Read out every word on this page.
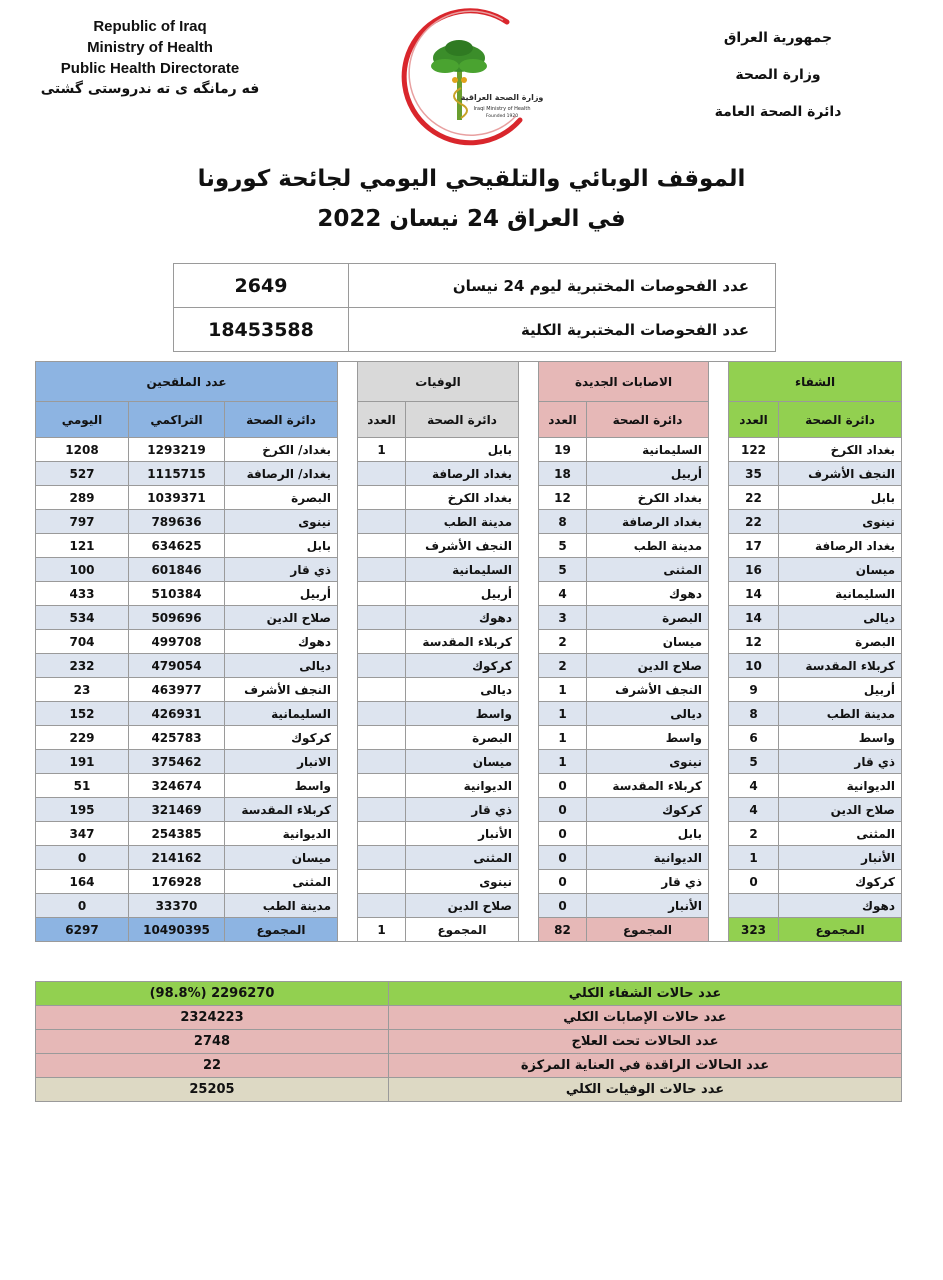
Republic of Iraq
Ministry of Health
Public Health Directorate
فه رمانگه ى ته ندروستى گشتى
جمهورية العراق
وزارة الصحة
دائرة الصحة العامة
وزارة الصحة العراقية
Iraqi Ministry of Health
Founded 1920
الموقف الوبائي والتلقيحي اليومي لجائحة كورونا
في العراق 24 نيسان 2022
عدد الفحوصات المختبرية ليوم 24 نيسان	2649
عدد الفحوصات المختبرية الكلية	18453588
الشفاء			الاصابات الجديدة			الوفيات			عدد الملقحين		
دائرة الصحة	العدد		دائرة الصحة	العدد		دائرة الصحة	العدد		دائرة الصحة	التراكمي	اليومي
بغداد الكرخ	122		السليمانية	19		بابل	1		بغداد/ الكرخ	1293219	1208
النجف الأشرف	35		أربيل	18		بغداد الرصافة			بغداد/ الرصافة	1115715	527
بابل	22		بغداد الكرخ	12		بغداد الكرخ			البصرة	1039371	289
نينوى	22		بغداد الرصافة	8		مدينة الطب			نينوى	789636	797
بغداد الرصافة	17		مدينة الطب	5		النجف الأشرف			بابل	634625	121
ميسان	16		المثنى	5		السليمانية			ذي قار	601846	100
السليمانية	14		دهوك	4		أربيل			أربيل	510384	433
ديالى	14		البصرة	3		دهوك			صلاح الدين	509696	534
البصرة	12		ميسان	2		كربلاء المقدسة			دهوك	499708	704
كربلاء المقدسة	10		صلاح الدين	2		كركوك			ديالى	479054	232
أربيل	9		النجف الأشرف	1		ديالى			النجف الأشرف	463977	23
مدينة الطب	8		ديالى	1		واسط			السليمانية	426931	152
واسط	6		واسط	1		البصرة			كركوك	425783	229
ذي قار	5		نينوى	1		ميسان			الانبار	375462	191
الديوانية	4		كربلاء المقدسة	0		الديوانية			واسط	324674	51
صلاح الدين	4		كركوك	0		ذي قار			كربلاء المقدسة	321469	195
المثنى	2		بابل	0		الأنبار			الديوانية	254385	347
الأنبار	1		الديوانية	0		المثنى			ميسان	214162	0
كركوك	0		ذي قار	0		نينوى			المثنى	176928	164
دهوك			الأنبار	0		صلاح الدين			مدينة الطب	33370	0
المجموع	323		المجموع	82		المجموع	1		المجموع	10490395	6297
عدد حالات الشفاء الكلي	(98.8%) 2296270
عدد حالات الإصابات الكلي	2324223
عدد الحالات تحت العلاج	2748
عدد الحالات الراقدة في العناية المركزة	22
عدد حالات الوفيات الكلي	25205
